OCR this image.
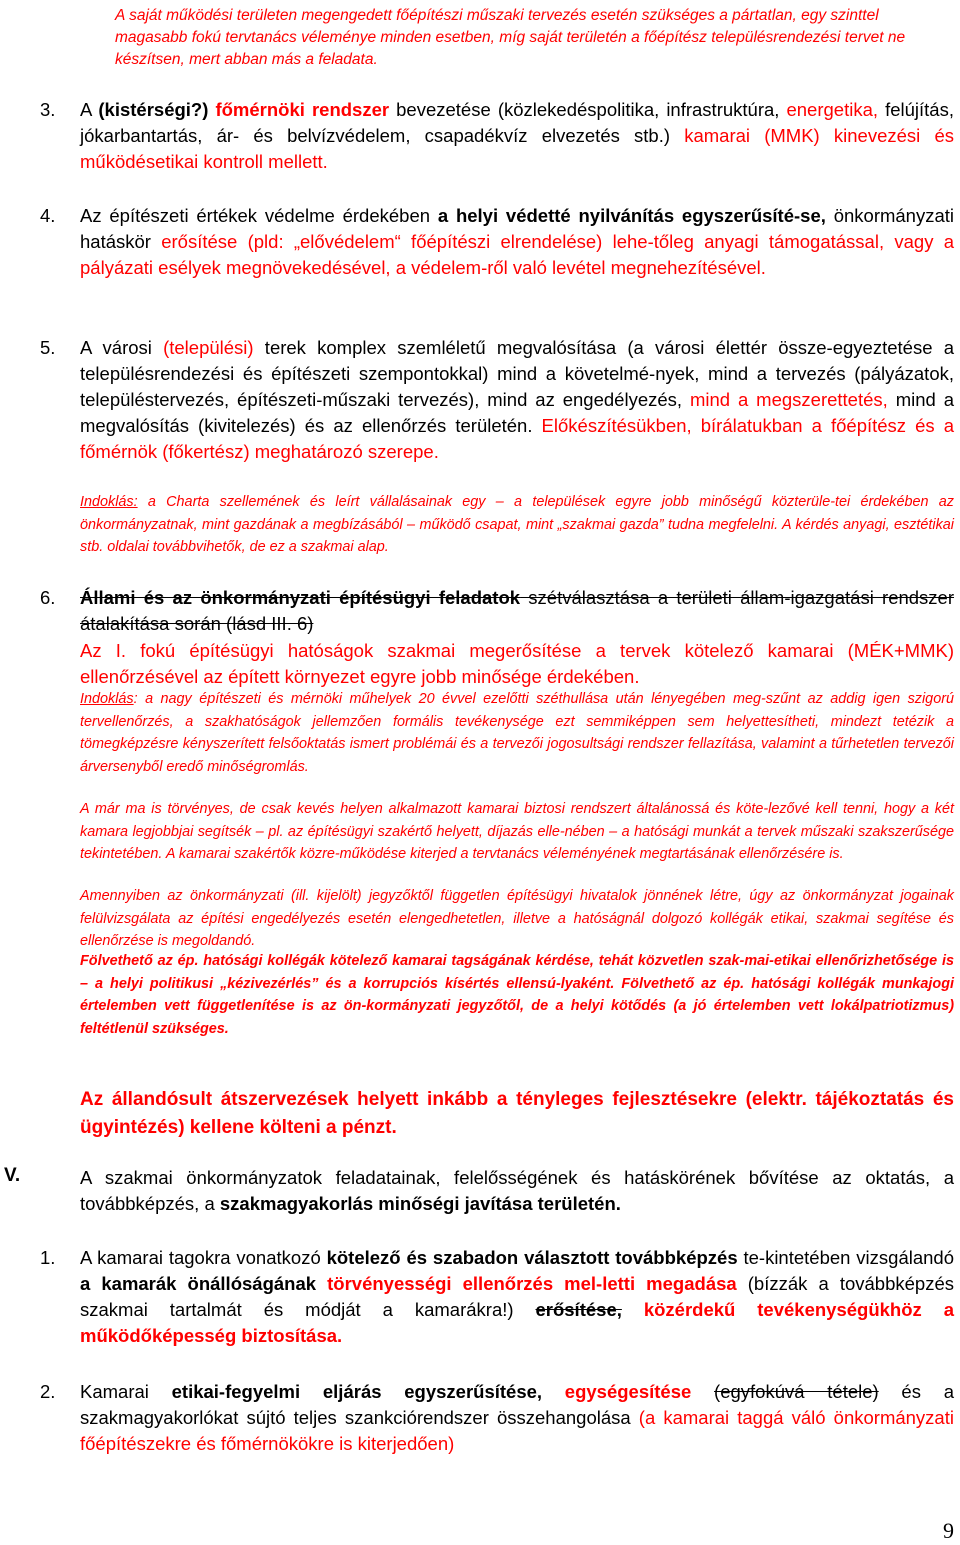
A saját működési területen megengedett főépítészi műszaki tervezés esetén szükséges a pártatlan, egy szinttel magasabb fokú tervtanács véleménye minden esetben, míg saját területén a főépítész településrendezési tervet ne készítsen, mert abban más a feladata.
3. A (kistérségi?) főmérnöki rendszer bevezetése (közlekedéspolitika, infrastruktúra, energetika, felújítás, jókarbantartás, ár- és belvízvédelem, csapadékvíz elvezetés stb.) kamarai (MMK) kinevezési és működésetikai kontroll mellett.
4. Az építészeti értékek védelme érdekében a helyi védetté nyilvánítás egyszerűsíté-se, önkormányzati hatáskör erősítése (pld: „elővédelem“ főépítészi elrendelése) lehe-tőleg anyagi támogatással, vagy a pályázati esélyek megnövekedésével, a védelem-ről való levétel megnehezítésével.
5. A városi (települési) terek komplex szemléletű megvalósítása (a városi élettér össze-egyeztetése a településrendezési és építészeti szempontokkal) mind a követelmé-nyek, mind a tervezés (pályázatok, településtervezés, építészeti-műszaki tervezés), mind az engedélyezés, mind a megszerettetés, mind a megvalósítás (kivitelezés) és az ellenőrzés területén. Előkészítésükben, bírálatukban a főépítész és a főmérnök (főkertész) meghatározó szerepe.
Indoklás: a Charta szellemének és leírt vállalásainak egy – a települések egyre jobb minőségű közterüle-tei érdekében az önkormányzatnak, mint gazdának a megbízásából – működő csapat, mint „szakmai gazda” tudna megfelelni. A kérdés anyagi, esztétikai stb. oldalai továbbvihetők, de ez a szakmai alap.
6. Állami és az önkormányzati építésügyi feladatok szétválasztása a területi állam-igazgatási rendszer átalakítása során (lásd III. 6)
Az I. fokú építésügyi hatóságok szakmai megerősítése a tervek kötelező kamarai (MÉK+MMK) ellenőrzésével az épített környezet egyre jobb minősége érdekében.
Indoklás: a nagy építészeti és mérnöki műhelyek 20 évvel ezelőtti széthullása után lényegében meg-szűnt az addig igen szigorú tervellenőrzés, a szakhatóságok jellemzően formális tevékenysége ezt semmiképpen sem helyettesítheti, mindezt tetézik a tömegképzésre kényszerített felsőoktatás ismert problémái és a tervezői jogosultsági rendszer fellazítása, valamint a tűrhetetlen tervezői árversenyből eredő minőségromlás.
A már ma is törvényes, de csak kevés helyen alkalmazott kamarai biztosi rendszert általánossá és köte-lezővé kell tenni, hogy a két kamara legjobbjai segítsék – pl. az építésügyi szakértő helyett, díjazás elle-nében – a hatósági munkát a tervek műszaki szakszerűsége tekintetében. A kamarai szakértők közre-működése kiterjed a tervtanács véleményének megtartásának ellenőrzésére is.
Amennyiben az önkormányzati (ill. kijelölt) jegyzőktől független építésügyi hivatalok jönnének létre, úgy az önkormányzat jogainak felülvizsgálata az építési engedélyezés esetén elengedhetetlen, illetve a hatóságnál dolgozó kollégák etikai, szakmai segítése és ellenőrzése is megoldandó.
Fölvethető az ép. hatósági kollégák kötelező kamarai tagságának kérdése, tehát közvetlen szak-mai-etikai ellenőrizhetősége is – a helyi politikusi „kézivezérlés” és a korrupciós kísértés ellensú-lyaként. Fölvethető az ép. hatósági kollégák munkajogi értelemben vett függetlenítése is az ön-kormányzati jegyzőtől, de a helyi kötődés (a jó értelemben vett lokálpatriotizmus) feltétlenül szükséges.
Az állandósult átszervezések helyett inkább a tényleges fejlesztésekre (elektr. tájékoztatás és ügyintézés) kellene költeni a pénzt.
V.	A szakmai önkormányzatok feladatainak, felelősségének és hatáskörének bővítése az oktatás, a továbbképzés, a szakmagyakorlás minőségi javítása területén.
1. A kamarai tagokra vonatkozó kötelező és szabadon választott továbbképzés te-kintetében vizsgálandó a kamarák önállóságának törvényességi ellenőrzés mel-letti megadása (bízzák a továbbképzés szakmai tartalmát és módját a kamarákra!) erősítése, közérdekű tevékenységükhöz a működőképesség biztosítása.
2. Kamarai etikai-fegyelmi eljárás egyszerűsítése, egységesítése (egyfokúvá tétele) és a szakmagyakorlókat sújtó teljes szankciórendszer összehangolása (a kamarai taggá váló önkormányzati főépítészekre és főmérnökökre is kiterjedően)
9
